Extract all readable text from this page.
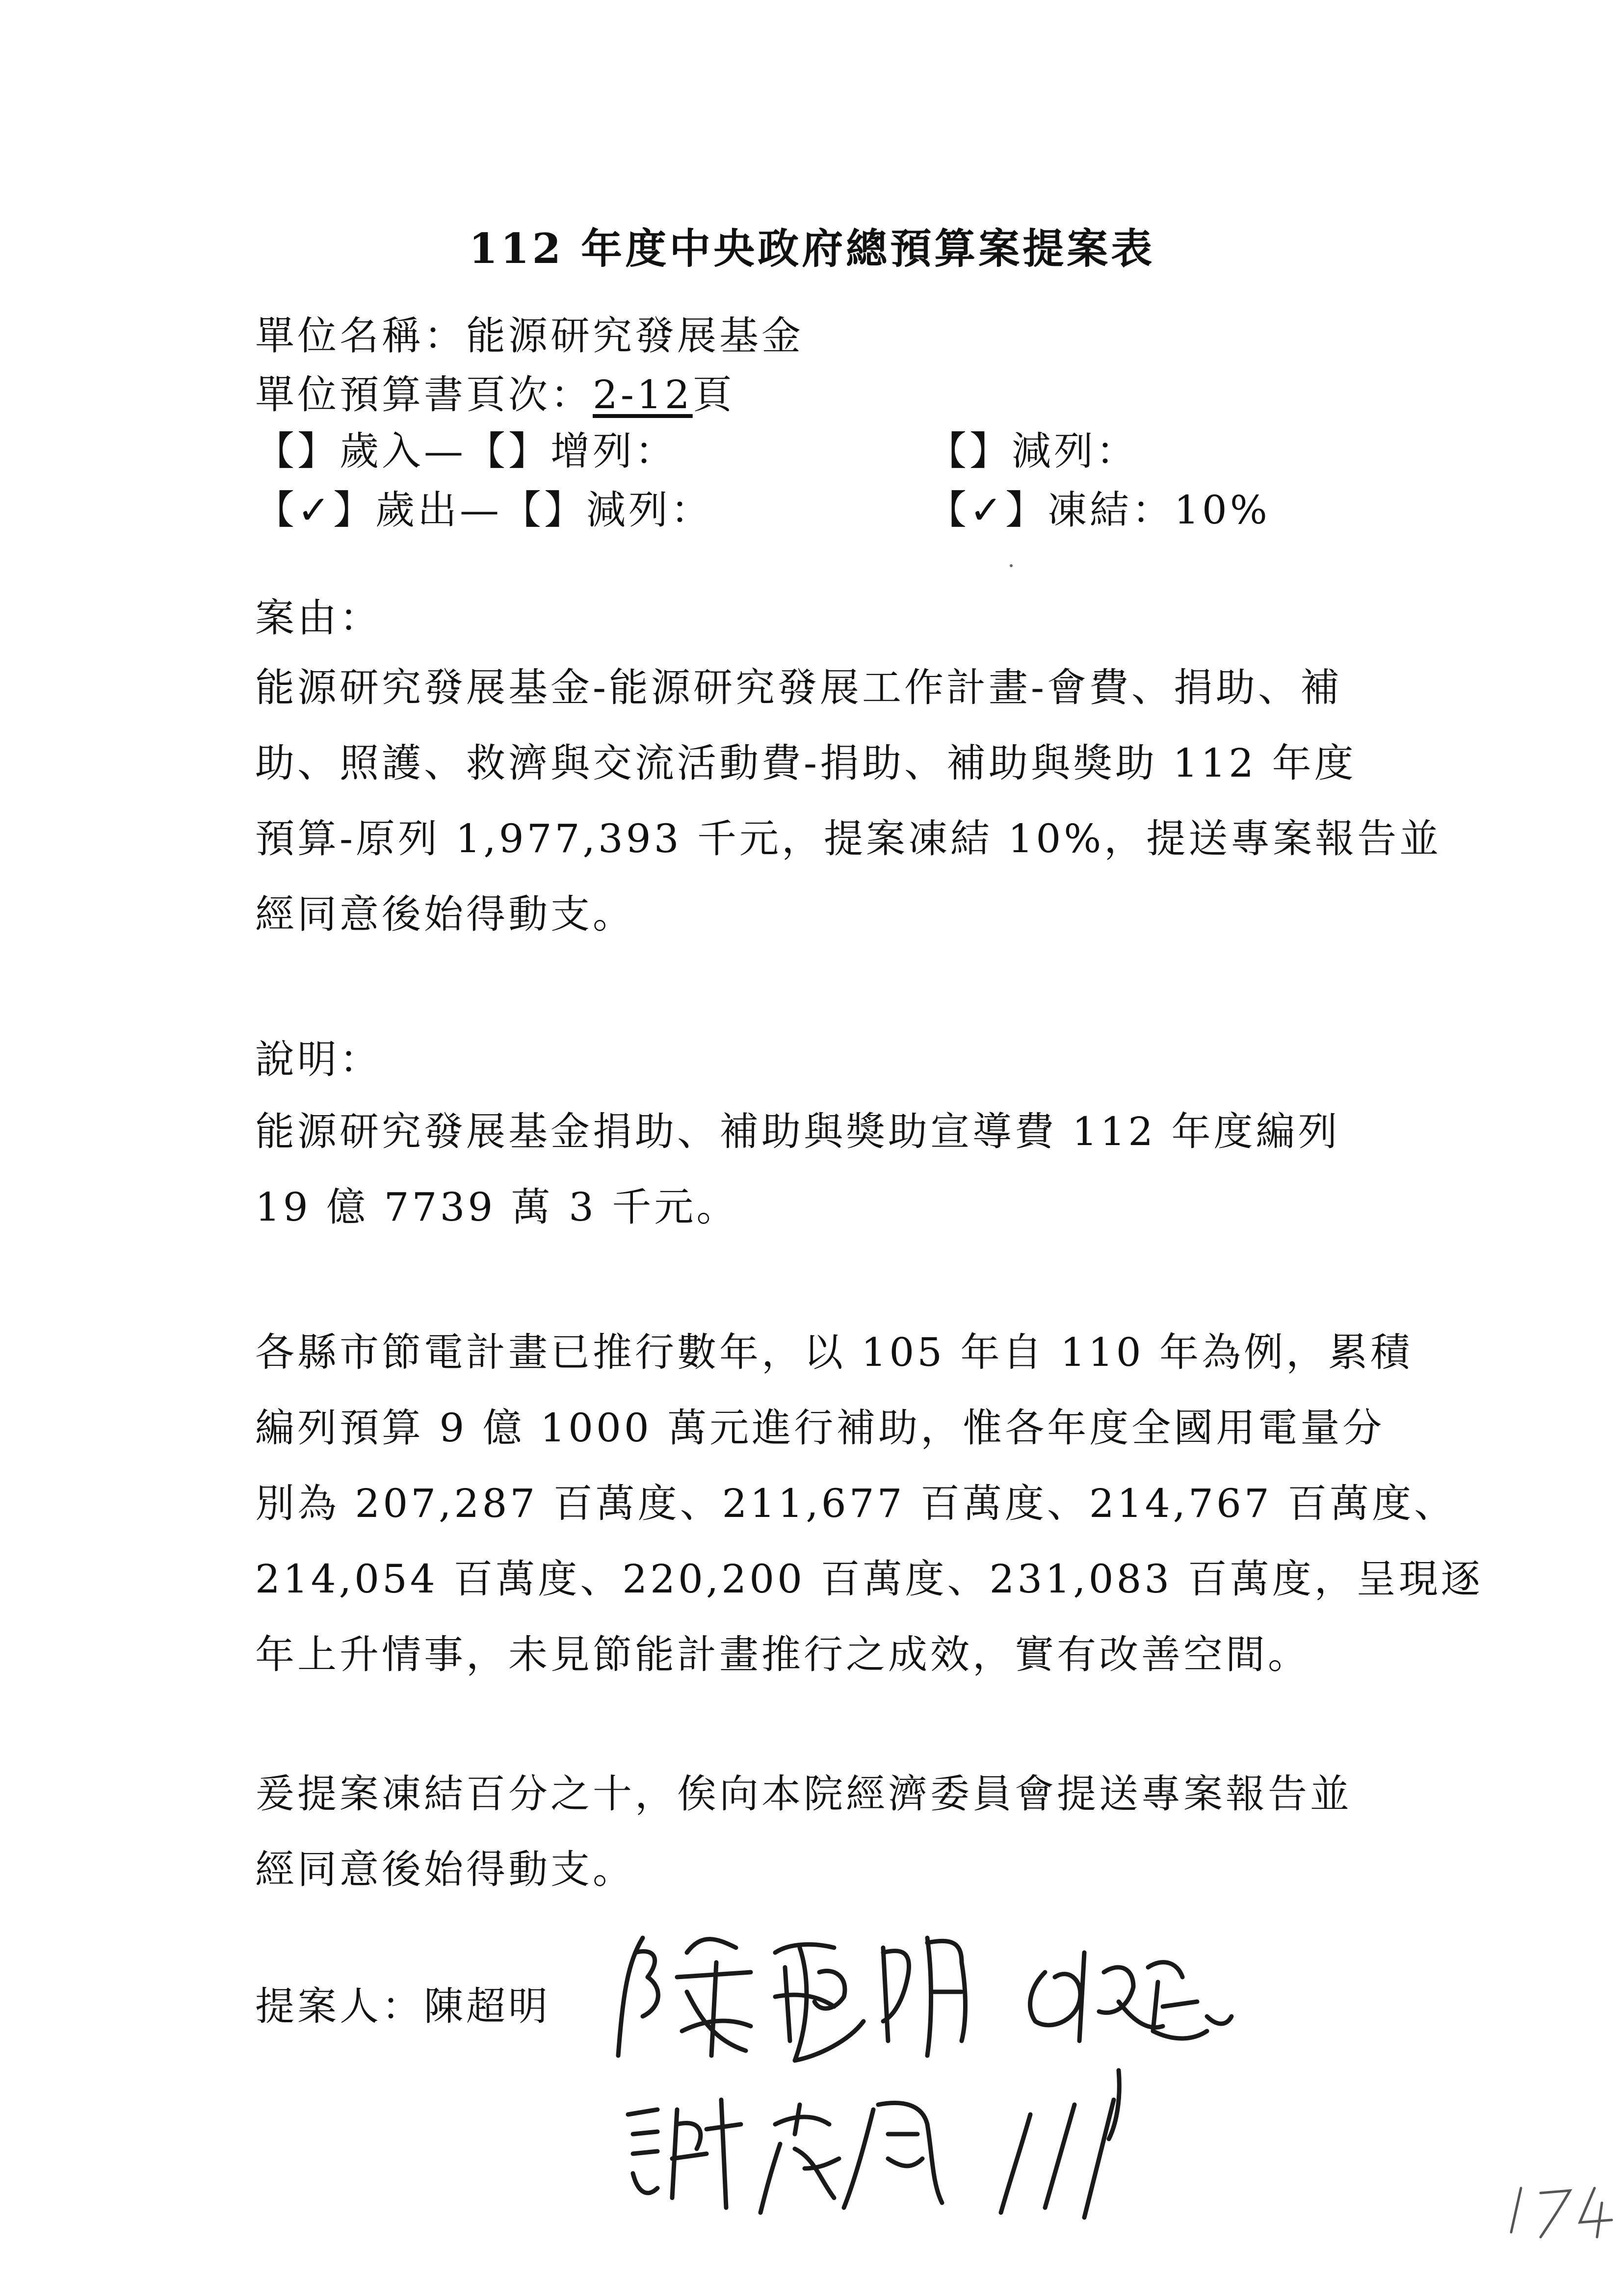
112 年度中央政府總預算案提案表
單位名稱：能源研究發展基金
單位預算書頁次：2-12頁
【】歲入—【】增列：	【】減列：
【✓】歲出—【】減列：	【✓】凍結：10%
案由：
能源研究發展基金-能源研究發展工作計畫-會費、捐助、補
助、照護、救濟與交流活動費-捐助、補助與獎助 112 年度
預算-原列 1,977,393 千元，提案凍結 10%，提送專案報告並
經同意後始得動支。
說明：
能源研究發展基金捐助、補助與獎助宣導費 112 年度編列
19 億 7739 萬 3 千元。
各縣市節電計畫已推行數年，以 105 年自 110 年為例，累積
編列預算 9 億 1000 萬元進行補助，惟各年度全國用電量分
別為 207,287 百萬度、211,677 百萬度、214,767 百萬度、
214,054 百萬度、220,200 百萬度、231,083 百萬度，呈現逐
年上升情事，未見節能計畫推行之成效，實有改善空間。
爰提案凍結百分之十，俟向本院經濟委員會提送專案報告並
經同意後始得動支。
提案人：陳超明
